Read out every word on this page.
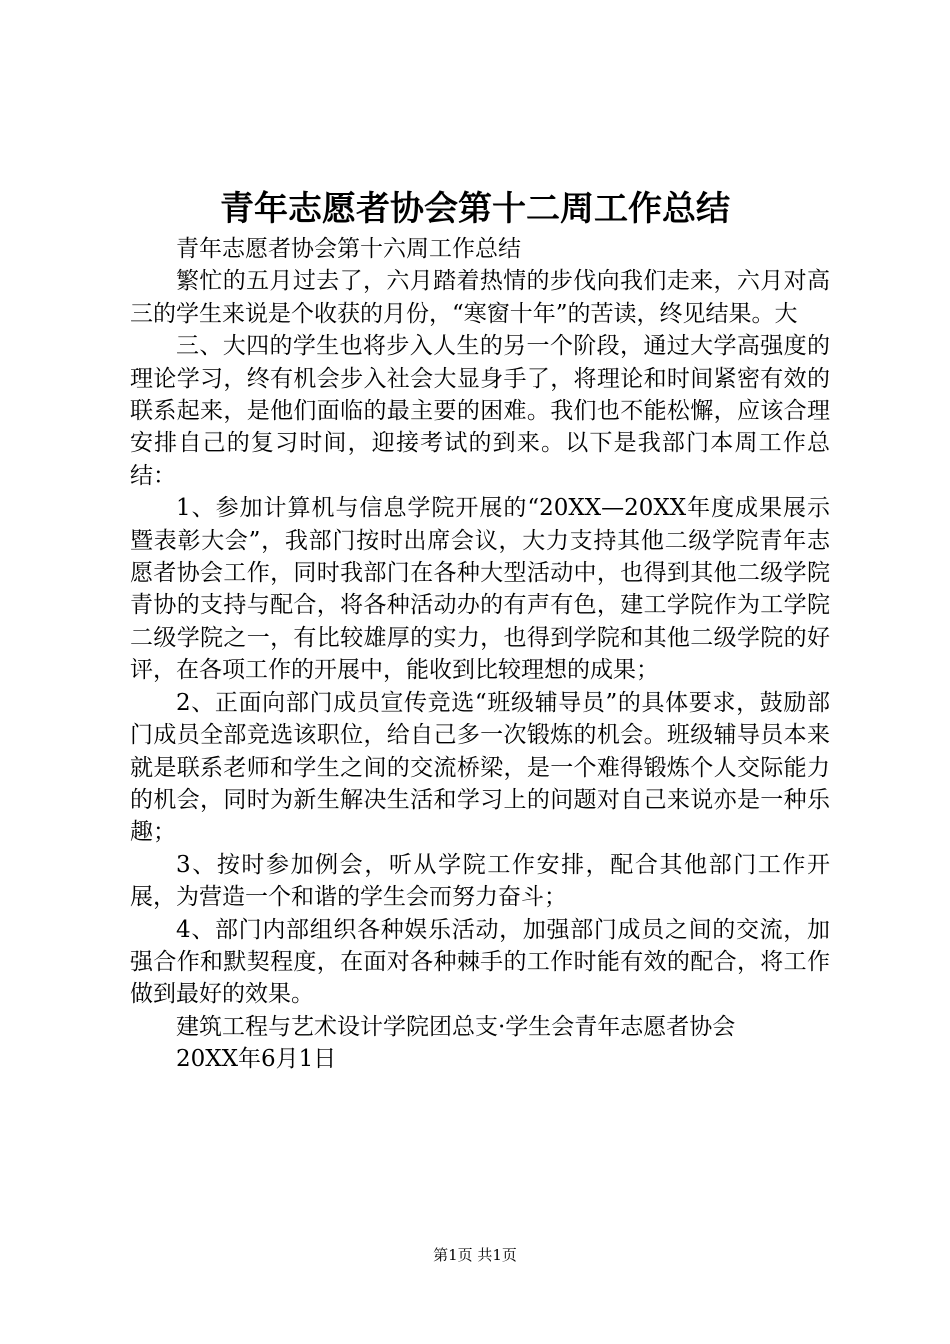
青年志愿者协会第十二周工作总结

青年志愿者协会第十六周工作总结

繁忙的五月过去了，六月踏着热情的步伐向我们走来，六月对高三的学生来说是个收获的月份，“寒窗十年”的苦读，终见结果。大

三、大四的学生也将步入人生的另一个阶段，通过大学高强度的理论学习，终有机会步入社会大显身手了，将理论和时间紧密有效的联系起来，是他们面临的最主要的困难。我们也不能松懈，应该合理安排自己的复习时间，迎接考试的到来。以下是我部门本周工作总结：

1、参加计算机与信息学院开展的“20XX—20XX年度成果展示暨表彰大会”，我部门按时出席会议，大力支持其他二级学院青年志愿者协会工作，同时我部门在各种大型活动中，也得到其他二级学院青协的支持与配合，将各种活动办的有声有色，建工学院作为工学院二级学院之一，有比较雄厚的实力，也得到学院和其他二级学院的好评，在各项工作的开展中，能收到比较理想的成果；

2、正面向部门成员宣传竞选“班级辅导员”的具体要求，鼓励部门成员全部竞选该职位，给自己多一次锻炼的机会。班级辅导员本来就是联系老师和学生之间的交流桥梁，是一个难得锻炼个人交际能力的机会，同时为新生解决生活和学习上的问题对自己来说亦是一种乐趣；

3、按时参加例会，听从学院工作安排，配合其他部门工作开展，为营造一个和谐的学生会而努力奋斗；

4、部门内部组织各种娱乐活动，加强部门成员之间的交流，加强合作和默契程度，在面对各种棘手的工作时能有效的配合，将工作做到最好的效果。

建筑工程与艺术设计学院团总支·学生会青年志愿者协会

20XX年6月1日

第1页 共1页
